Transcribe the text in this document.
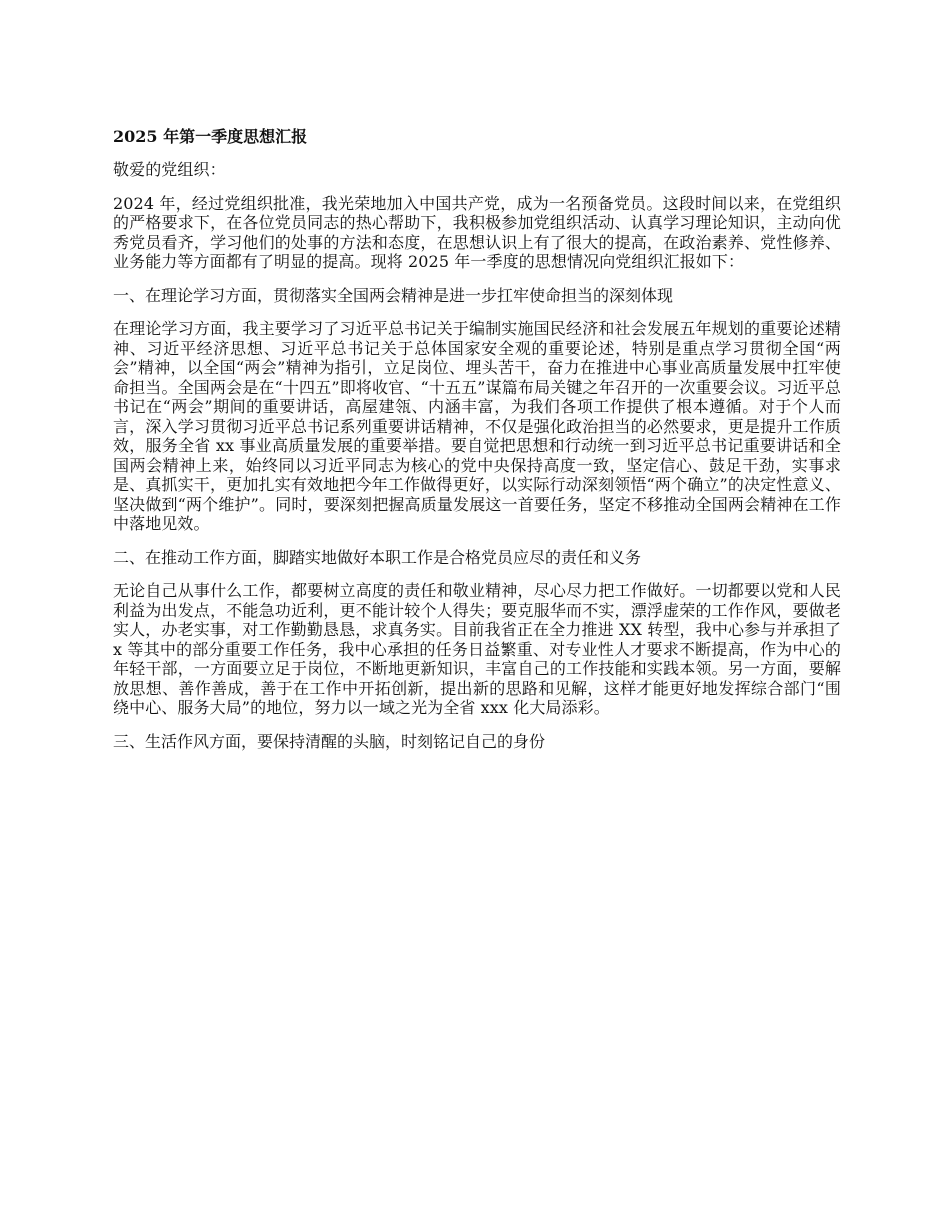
2025 年第一季度思想汇报

敬爱的党组织：

2024 年，经过党组织批准，我光荣地加入中国共产党，成为一名预备党员。这段时间以来，在党组织的严格要求下，在各位党员同志的热心帮助下，我积极参加党组织活动、认真学习理论知识，主动向优秀党员看齐，学习他们的处事的方法和态度，在思想认识上有了很大的提高，在政治素养、党性修养、业务能力等方面都有了明显的提高。现将 2025 年一季度的思想情况向党组织汇报如下：

一、在理论学习方面，贯彻落实全国两会精神是进一步扛牢使命担当的深刻体现

在理论学习方面，我主要学习了习近平总书记关于编制实施国民经济和社会发展五年规划的重要论述精神、习近平经济思想、习近平总书记关于总体国家安全观的重要论述，特别是重点学习贯彻全国“两会”精神，以全国“两会”精神为指引，立足岗位、埋头苦干，奋力在推进中心事业高质量发展中扛牢使命担当。全国两会是在“十四五”即将收官、“十五五”谋篇布局关键之年召开的一次重要会议。习近平总书记在“两会”期间的重要讲话，高屋建瓴、内涵丰富，为我们各项工作提供了根本遵循。对于个人而言，深入学习贯彻习近平总书记系列重要讲话精神，不仅是强化政治担当的必然要求，更是提升工作质效，服务全省 xx 事业高质量发展的重要举措。要自觉把思想和行动统一到习近平总书记重要讲话和全国两会精神上来，始终同以习近平同志为核心的党中央保持高度一致，坚定信心、鼓足干劲，实事求是、真抓实干，更加扎实有效地把今年工作做得更好，以实际行动深刻领悟“两个确立”的决定性意义、坚决做到“两个维护”。同时，要深刻把握高质量发展这一首要任务，坚定不移推动全国两会精神在工作中落地见效。

二、在推动工作方面，脚踏实地做好本职工作是合格党员应尽的责任和义务

无论自己从事什么工作，都要树立高度的责任和敬业精神，尽心尽力把工作做好。一切都要以党和人民利益为出发点，不能急功近利，更不能计较个人得失；要克服华而不实，漂浮虚荣的工作作风，要做老实人，办老实事，对工作勤勤恳恳，求真务实。目前我省正在全力推进 XX 转型，我中心参与并承担了 x 等其中的部分重要工作任务，我中心承担的任务日益繁重、对专业性人才要求不断提高，作为中心的年轻干部，一方面要立足于岗位，不断地更新知识，丰富自己的工作技能和实践本领。另一方面，要解放思想、善作善成，善于在工作中开拓创新，提出新的思路和见解，这样才能更好地发挥综合部门“围绕中心、服务大局”的地位，努力以一域之光为全省 xxx 化大局添彩。

三、生活作风方面，要保持清醒的头脑，时刻铭记自己的身份
